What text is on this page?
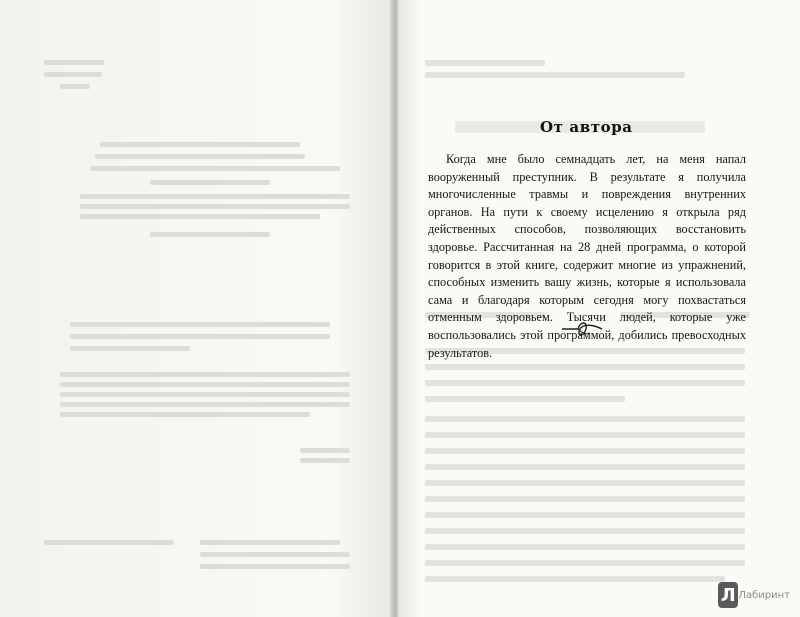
От автора

Когда мне было семнадцать лет, на меня напал вооруженный преступник. В результате я получила многочисленные травмы и повреждения внутренних органов. На пути к своему исцелению я открыла ряд действенных способов, позволяющих восстановить здоровье. Рассчитанная на 28 дней программа, о которой говорится в этой книге, содержит многие из упражнений, способных изменить вашу жизнь, которые я использовала сама и благодаря которым сегодня могу похвастаться отменным здоровьем. Тысячи людей, которые уже воспользовались этой программой, добились превосходных результатов.

Л Лабиринт
